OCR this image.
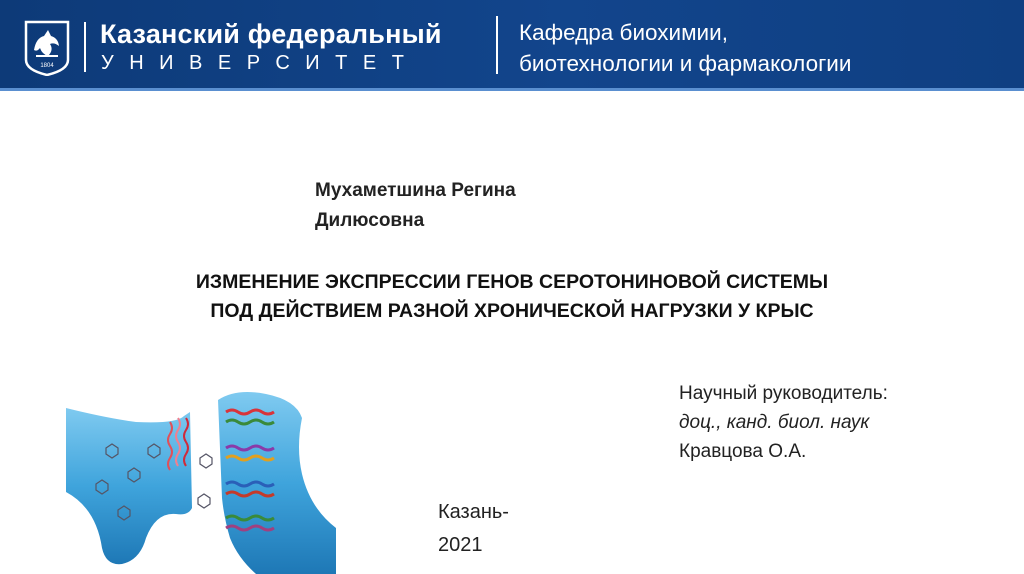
1804
Казанский федеральный
УНИВЕРСИТЕТ
Кафедра биохимии,
биотехнологии и фармакологии
Мухаметшина Регина
Дилюсовна
ИЗМЕНЕНИЕ ЭКСПРЕССИИ ГЕНОВ СЕРОТОНИНОВОЙ СИСТЕМЫ
ПОД ДЕЙСТВИЕМ РАЗНОЙ ХРОНИЧЕСКОЙ НАГРУЗКИ У КРЫС
Научный руководитель:
доц., канд. биол. наук
Кравцова О.А.
Казань-
2021
